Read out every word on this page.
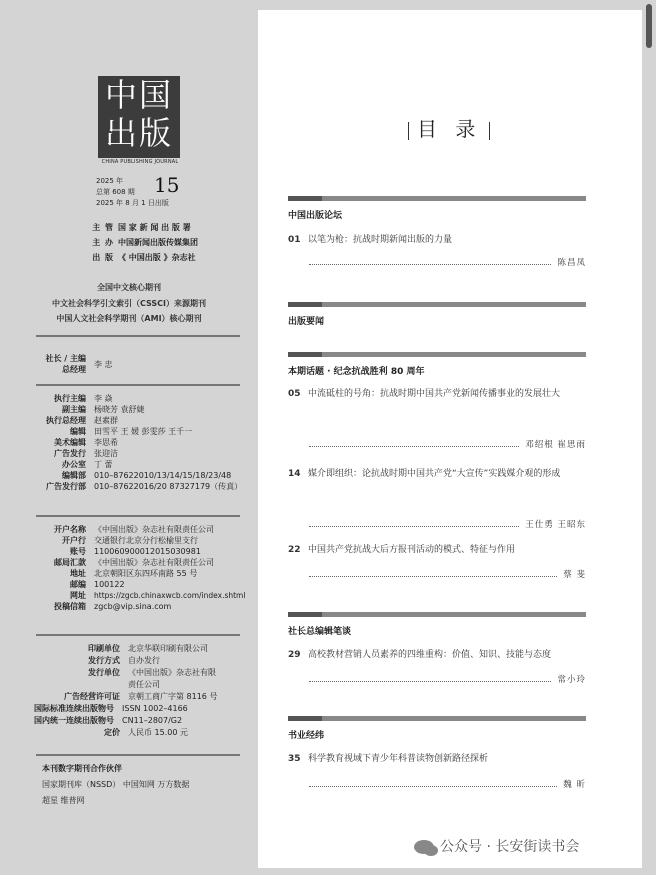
中国
出版
CHINA PUBLISHING JOURNAL
2025 年
总第 608 期
2025 年 8 月 1 日出版
15
主 管 国 家 新 闻 出 版 署
主 办 中国新闻出版传媒集团
出 版 《 中国出版 》杂志社
全国中文核心期刊
中文社会科学引文索引（CSSCI）来源期刊
中国人文社会科学期刊（AMI）核心期刊
社长 / 主编
总经理李 忠
执行主编 李 焱
副主编 杨晓芳 袁舒婕
执行总经理 赵素群
编辑 田雪平 王 媛 彭雯莎 王千一
美术编辑 李思希
广告发行 张迎洁
办公室 丁 蕾
编辑部 010–87622010/13/14/15/18/23/48
广告发行部 010–87622016/20 87327179（传真）
开户名称 《中国出版》杂志社有限责任公司
开户行 交通银行北京分行松榆里支行
账号 110060900012015030981
邮局汇款 《中国出版》杂志社有限责任公司
地址 北京朝阳区东四环南路 55 号
邮编 100122
网址 https://zgcb.chinaxwcb.com/index.shtml
投稿信箱 zgcb@vip.sina.com
印刷单位 北京华联印刷有限公司
发行方式 自办发行
发行单位 《中国出版》杂志社有限
责任公司
广告经营许可证 京朝工商广字第 8116 号
国际标准连续出版物号 ISSN 1002–4166
国内统一连续出版物号 CN11–2807/G2
定价 人民币 15.00 元
本刊数字期刊合作伙伴
国家期刊库（NSSD） 中国知网 万方数据
超星 维普网
目 录
中国出版论坛
01 以笔为枪：抗战时期新闻出版的力量
陈昌凤
出版要闻
本期话题 · 纪念抗战胜利 80 周年
05 中流砥柱的号角：抗战时期中国共产党新闻传播事业的发展壮大
邓绍根 崔思雨
14 媒介即组织：论抗战时期中国共产党“大宣传”实践媒介观的形成
王仕勇 王昭东
22 中国共产党抗战大后方报刊活动的模式、特征与作用
蔡 斐
社长总编辑笔谈
29 高校教材营销人员素养的四维重构：价值、知识、技能与态度
常小玲
书业经纬
35 科学教育视域下青少年科普读物创新路径探析
魏 昕
公众号 · 长安街读书会
